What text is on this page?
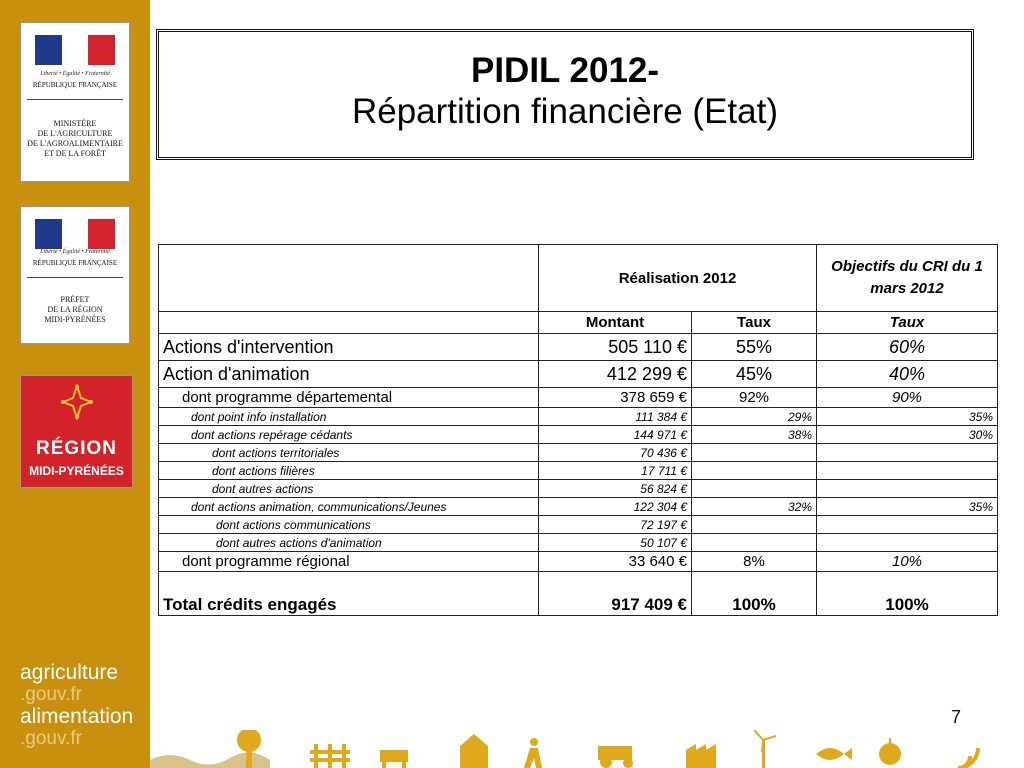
Liberté • Égalité • Fraternité
RÉPUBLIQUE FRANÇAISE
MINISTÈRE
DE L'AGRICULTURE
DE L'AGROALIMENTAIRE
ET DE LA FORÊT
Liberté • Égalité • Fraternité
RÉPUBLIQUE FRANÇAISE
PRÉFET
DE LA RÉGION
MIDI-PYRÉNÉES
RÉGION
MIDI-PYRÉNÉES
agriculture
.gouv.fr
alimentation
.gouv.fr
PIDIL 2012-
Répartition financière (Etat)
	Réalisation 2012		Objectifs du CRI du 1 mars 2012
	Montant	Taux	Taux
Actions d'intervention	505 110 €	55%	60%
Action d'animation	412 299 €	45%	40%
dont programme départemental	378 659 €	92%	90%
dont point info installation	111 384 €	29%	35%
dont actions repérage cédants	144 971 €	38%	30%
dont actions territoriales	70 436 €		
dont actions filières	17 711 €		
dont autres actions	56 824 €		
dont actions animation, communications/Jeunes	122 304 €	32%	35%
dont actions communications	72 197 €		
dont autres actions d'animation	50 107 €		
dont programme régional	33 640 €	8%	10%
Total crédits engagés	917 409 €	100%	100%
7
